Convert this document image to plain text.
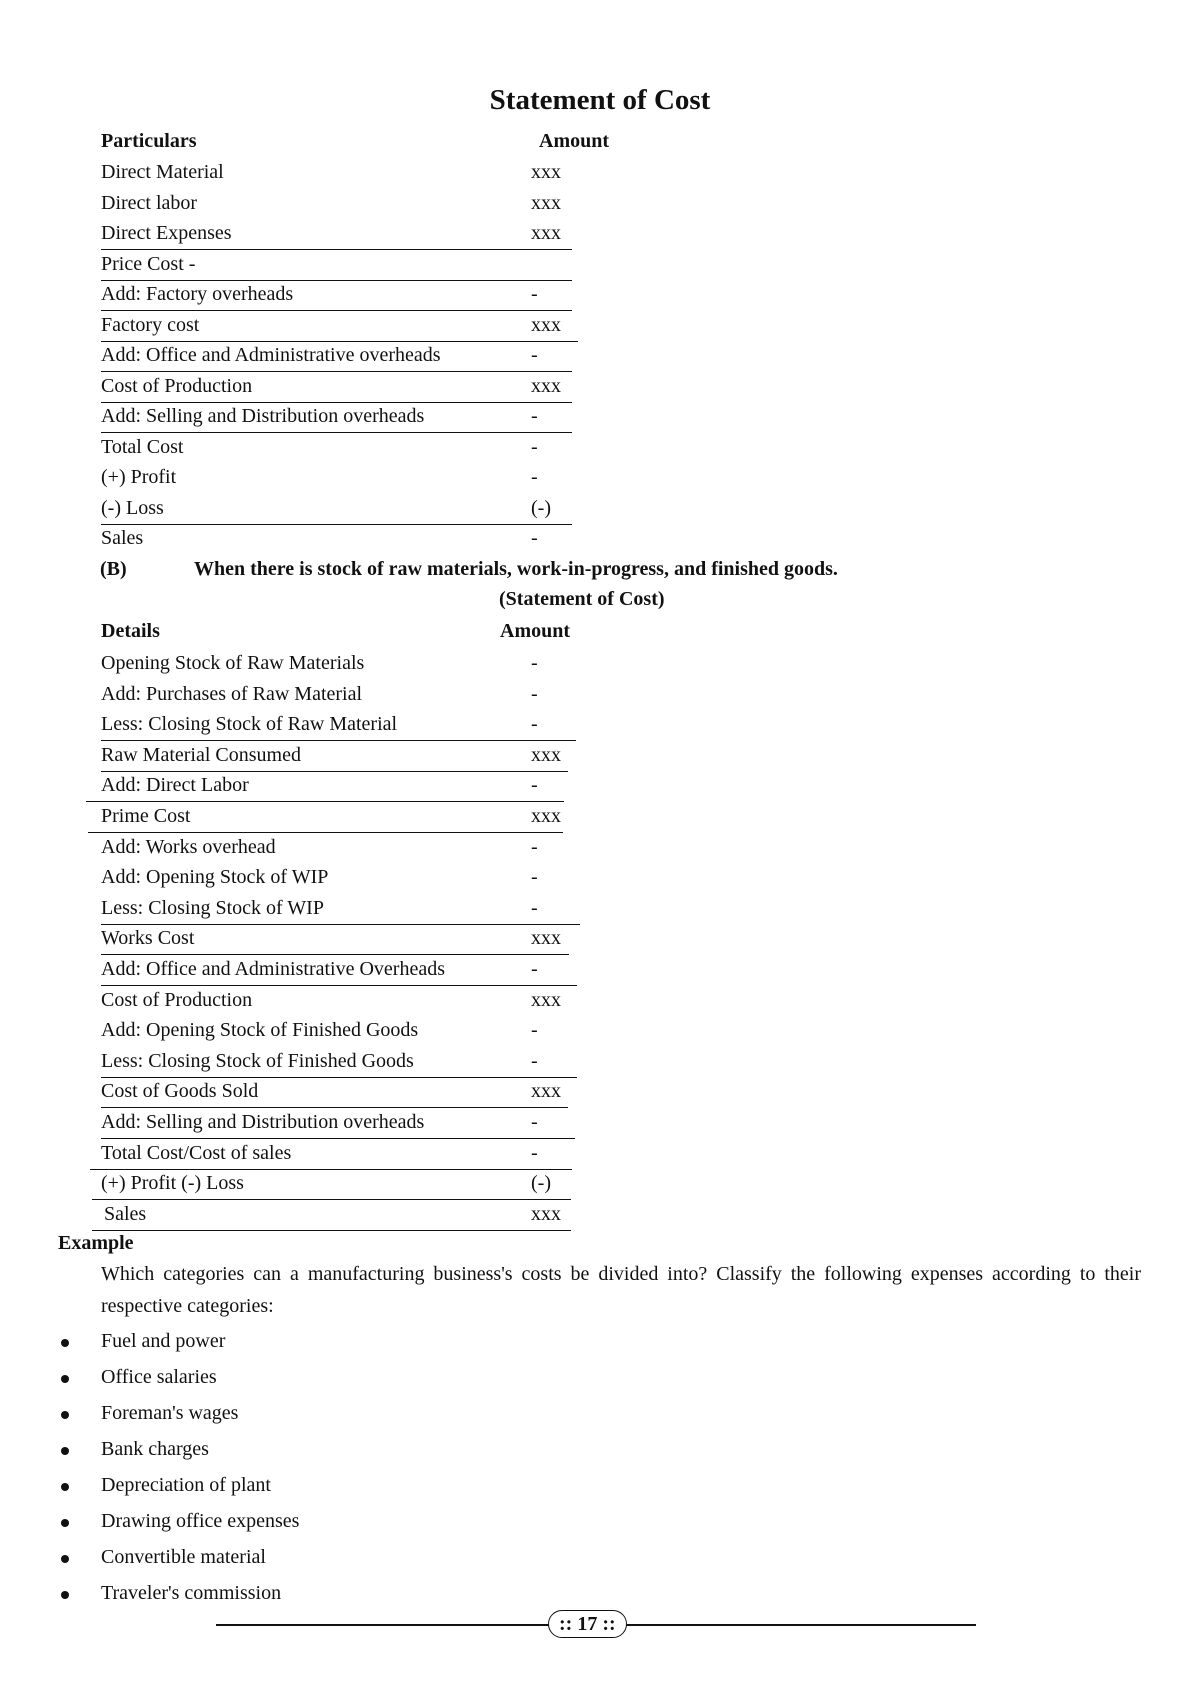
Statement of Cost
Particulars	Amount
Direct Material	xxx
Direct labor	xxx
Direct Expenses	xxx
Price Cost -
Add: Factory overheads	-
Factory cost	xxx
Add: Office and Administrative overheads	-
Cost of Production	xxx
Add: Selling and Distribution overheads	-
Total Cost	-
(+) Profit	-
(-) Loss	(-)
Sales	-
(B)	When there is stock of raw materials, work-in-progress, and finished goods.
(Statement of Cost)
Details	Amount
Opening Stock of Raw Materials	-
Add: Purchases of Raw Material	-
Less: Closing Stock of Raw Material	-
Raw Material Consumed	xxx
Add: Direct Labor	-
Prime Cost	xxx
Add: Works overhead	-
Add: Opening Stock of WIP	-
Less: Closing Stock of WIP	-
Works Cost	xxx
Add: Office and Administrative Overheads	-
Cost of Production	xxx
Add: Opening Stock of Finished Goods	-
Less: Closing Stock of Finished Goods	-
Cost of Goods Sold	xxx
Add: Selling and Distribution overheads	-
Total Cost/Cost of sales	-
(+) Profit (-) Loss	(-)
Sales	xxx
Example
Which categories can a manufacturing business's costs be divided into? Classify the following expenses according to their respective categories:
Fuel and power
Office salaries
Foreman's wages
Bank charges
Depreciation of plant
Drawing office expenses
Convertible material
Traveler's commission
:: 17 ::
